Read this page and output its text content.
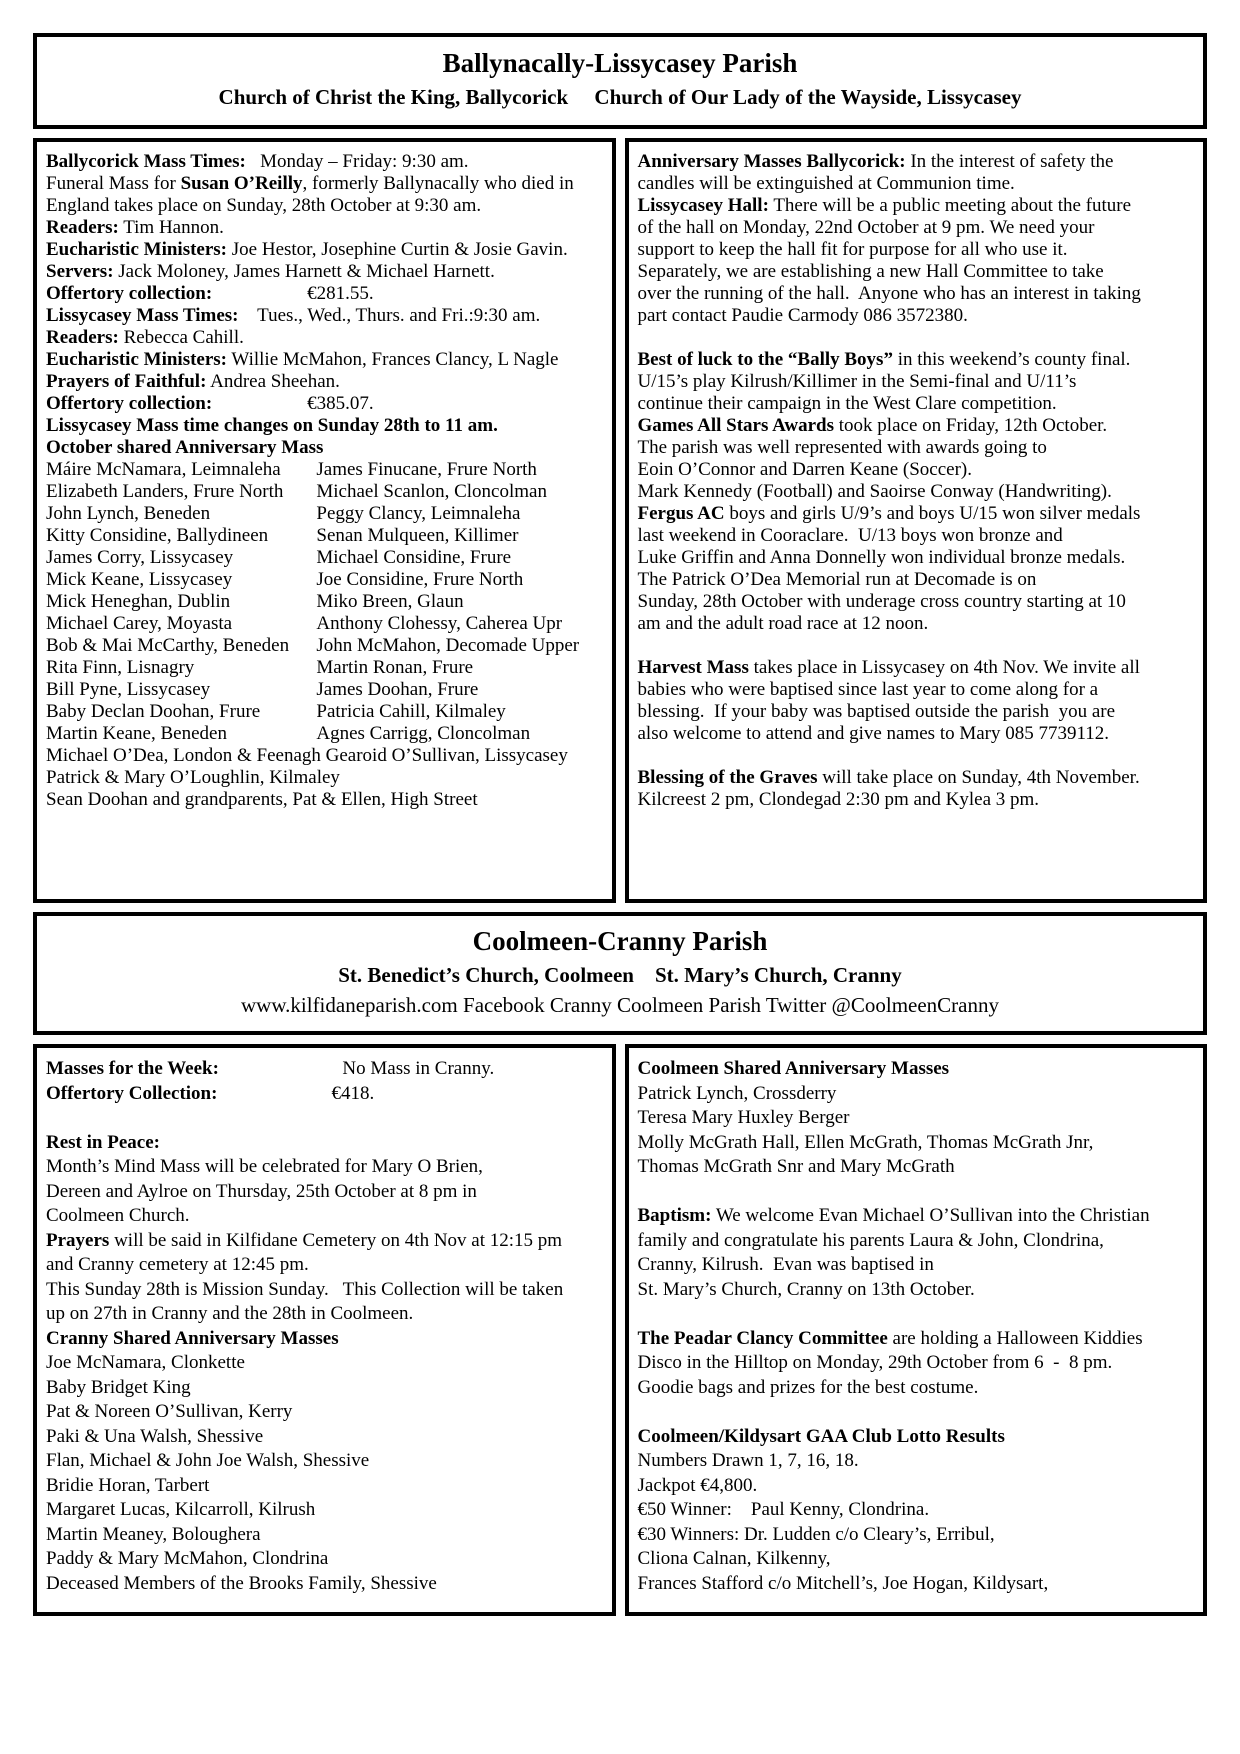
Ballynacally-Lissycasey Parish
Church of Christ the King, Ballycorick     Church of Our Lady of the Wayside, Lissycasey
Ballycorick Mass Times:   Monday – Friday: 9:30 am.
Funeral Mass for Susan O’Reilly, formerly Ballynacally who died in
England takes place on Sunday, 28th October at 9:30 am.
Readers: Tim Hannon.
Eucharistic Ministers: Joe Hestor, Josephine Curtin & Josie Gavin.
Servers: Jack Moloney, James Harnett & Michael Harnett.
Offertory collection:                    €281.55.
Lissycasey Mass Times:    Tues., Wed., Thurs. and Fri.:9:30 am.
Readers: Rebecca Cahill.
Eucharistic Ministers: Willie McMahon, Frances Clancy, L Nagle
Prayers of Faithful: Andrea Sheehan.
Offertory collection:                    €385.07.
Lissycasey Mass time changes on Sunday 28th to 11 am.
October shared Anniversary Mass
Máire McNamara, Leimnaleha
Elizabeth Landers, Frure North
John Lynch, Beneden
Kitty Considine, Ballydineen
James Corry, Lissycasey
Mick Keane, Lissycasey
Mick Heneghan, Dublin
Michael Carey, Moyasta
Bob & Mai McCarthy, Beneden
Rita Finn, Lisnagry
Bill Pyne, Lissycasey
Baby Declan Doohan, Frure
Martin Keane, Beneden
James Finucane, Frure North
Michael Scanlon, Cloncolman
Peggy Clancy, Leimnaleha
Senan Mulqueen, Killimer
Michael Considine, Frure
Joe Considine, Frure North
Miko Breen, Glaun
Anthony Clohessy, Caherea Upr
John McMahon, Decomade Upper
Martin Ronan, Frure
James Doohan, Frure
Patricia Cahill, Kilmaley
Agnes Carrigg, Cloncolman
Michael O’Dea, London & Feenagh Gearoid O’Sullivan, Lissycasey
Patrick & Mary O’Loughlin, Kilmaley
Sean Doohan and grandparents, Pat & Ellen, High Street
Anniversary Masses Ballycorick: In the interest of safety the
candles will be extinguished at Communion time.
Lissycasey Hall: There will be a public meeting about the future
of the hall on Monday, 22nd October at 9 pm. We need your
support to keep the hall fit for purpose for all who use it.
Separately, we are establishing a new Hall Committee to take
over the running of the hall.  Anyone who has an interest in taking
part contact Paudie Carmody 086 3572380.

Best of luck to the “Bally Boys” in this weekend’s county final.
U/15’s play Kilrush/Killimer in the Semi-final and U/11’s
continue their campaign in the West Clare competition.
Games All Stars Awards took place on Friday, 12th October.
The parish was well represented with awards going to
Eoin O’Connor and Darren Keane (Soccer).
Mark Kennedy (Football) and Saoirse Conway (Handwriting).
Fergus AC boys and girls U/9’s and boys U/15 won silver medals
last weekend in Cooraclare.  U/13 boys won bronze and
Luke Griffin and Anna Donnelly won individual bronze medals.
The Patrick O’Dea Memorial run at Decomade is on
Sunday, 28th October with underage cross country starting at 10
am and the adult road race at 12 noon.

Harvest Mass takes place in Lissycasey on 4th Nov. We invite all
babies who were baptised since last year to come along for a
blessing.  If your baby was baptised outside the parish  you are
also welcome to attend and give names to Mary 085 7739112.

Blessing of the Graves will take place on Sunday, 4th November.
Kilcreest 2 pm, Clondegad 2:30 pm and Kylea 3 pm.
Coolmeen-Cranny Parish
St. Benedict’s Church, Coolmeen    St. Mary’s Church, Cranny
www.kilfidaneparish.com Facebook Cranny Coolmeen Parish Twitter @CoolmeenCranny
Masses for the Week:                          No Mass in Cranny.
Offertory Collection:                        €418.

Rest in Peace:
Month’s Mind Mass will be celebrated for Mary O Brien,
Dereen and Aylroe on Thursday, 25th October at 8 pm in
Coolmeen Church.
Prayers will be said in Kilfidane Cemetery on 4th Nov at 12:15 pm
and Cranny cemetery at 12:45 pm.
This Sunday 28th is Mission Sunday.   This Collection will be taken
up on 27th in Cranny and the 28th in Coolmeen.
Cranny Shared Anniversary Masses
Joe McNamara, Clonkette
Baby Bridget King
Pat & Noreen O’Sullivan, Kerry
Paki & Una Walsh, Shessive
Flan, Michael & John Joe Walsh, Shessive
Bridie Horan, Tarbert
Margaret Lucas, Kilcarroll, Kilrush
Martin Meaney, Boloughera
Paddy & Mary McMahon, Clondrina
Deceased Members of the Brooks Family, Shessive
Coolmeen Shared Anniversary Masses
Patrick Lynch, Crossderry
Teresa Mary Huxley Berger
Molly McGrath Hall, Ellen McGrath, Thomas McGrath Jnr,
Thomas McGrath Snr and Mary McGrath

Baptism: We welcome Evan Michael O’Sullivan into the Christian
family and congratulate his parents Laura & John, Clondrina,
Cranny, Kilrush.  Evan was baptised in
St. Mary’s Church, Cranny on 13th October.

The Peadar Clancy Committee are holding a Halloween Kiddies
Disco in the Hilltop on Monday, 29th October from 6  -  8 pm.
Goodie bags and prizes for the best costume.

Coolmeen/Kildysart GAA Club Lotto Results
Numbers Drawn 1, 7, 16, 18.
Jackpot €4,800.
€50 Winner:    Paul Kenny, Clondrina.
€30 Winners: Dr. Ludden c/o Cleary’s, Erribul,
Cliona Calnan, Kilkenny,
Frances Stafford c/o Mitchell’s, Joe Hogan, Kildysart,
